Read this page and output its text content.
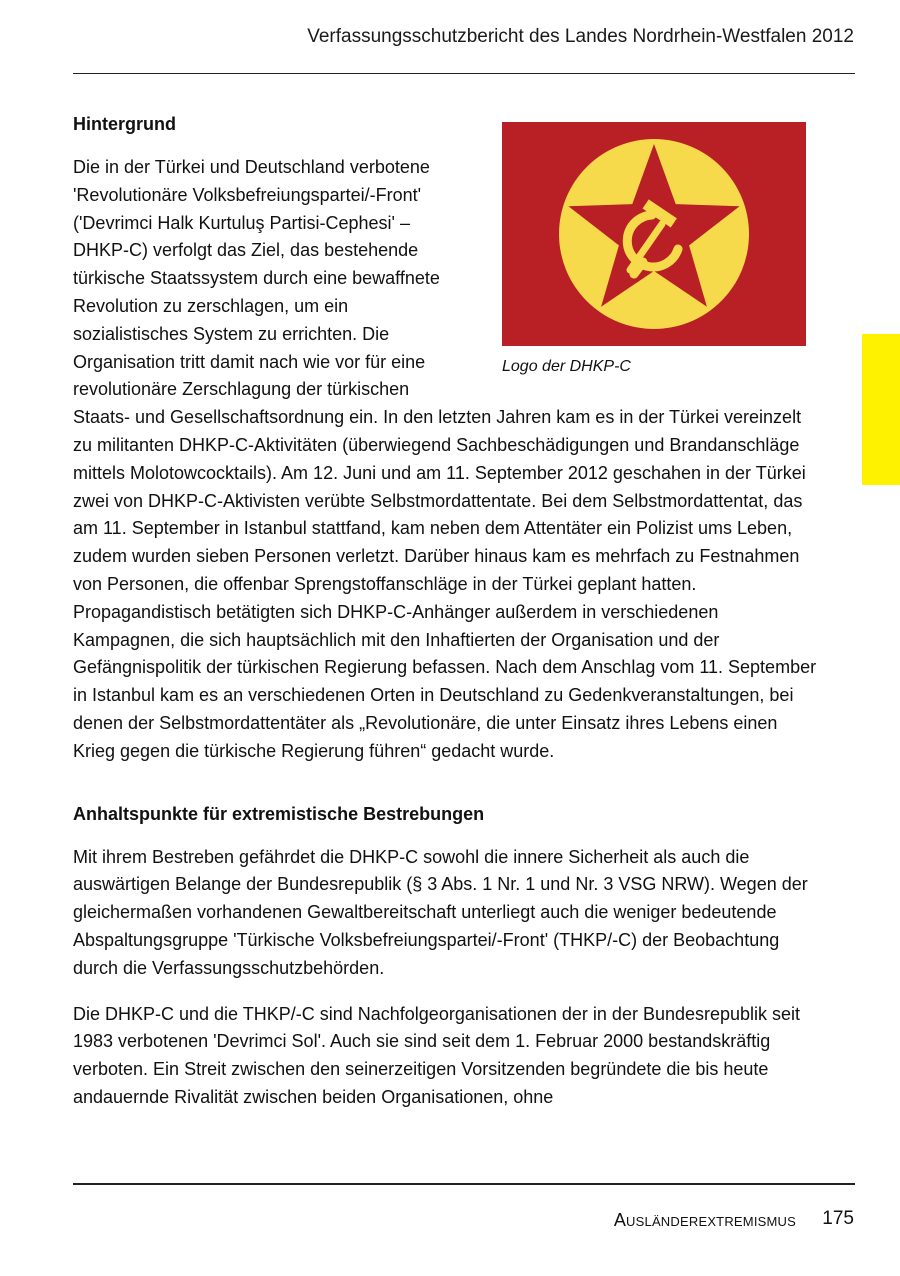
Verfassungsschutzbericht des Landes Nordrhein-Westfalen 2012
Logo der DHKP-C
Hintergrund

Die in der Türkei und Deutschland verbotene 'Revolutionäre Volksbefreiungspartei/-Front' ('Devrimci Halk Kurtuluş Partisi-Cephesi' – DHKP-C) verfolgt das Ziel, das bestehende türkische Staatssystem durch eine bewaffnete Revolution zu zerschlagen, um ein sozialistisches System zu errichten. Die Organisation tritt damit nach wie vor für eine revolutionäre Zerschlagung der türkischen Staats- und Gesellschaftsordnung ein. In den letzten Jahren kam es in der Türkei vereinzelt zu militanten DHKP-C-Aktivitäten (überwiegend Sachbeschädigungen und Brandanschläge mittels Molotowcocktails). Am 12. Juni und am 11. September 2012 geschahen in der Türkei zwei von DHKP-C-Aktivisten verübte Selbstmordattentate. Bei dem Selbstmordattentat, das am 11. September in Istanbul stattfand, kam neben dem Attentäter ein Polizist ums Leben, zudem wurden sieben Personen verletzt. Darüber hinaus kam es mehrfach zu Festnahmen von Personen, die offenbar Sprengstoffanschläge in der Türkei geplant hatten. Propagandistisch betätigten sich DHKP-C-Anhänger außerdem in verschiedenen Kampagnen, die sich hauptsächlich mit den Inhaftierten der Organisation und der Gefängnispolitik der türkischen Regierung befassen. Nach dem Anschlag vom 11. September in Istanbul kam es an verschiedenen Orten in Deutschland zu Gedenkveranstaltungen, bei denen der Selbstmordattentäter als „Revolutionäre, die unter Einsatz ihres Lebens einen Krieg gegen die türkische Regierung führen“ gedacht wurde.

Anhaltspunkte für extremistische Bestrebungen

Mit ihrem Bestreben gefährdet die DHKP-C sowohl die innere Sicherheit als auch die auswärtigen Belange der Bundesrepublik (§ 3 Abs. 1 Nr. 1 und Nr. 3 VSG NRW). Wegen der gleichermaßen vorhandenen Gewaltbereitschaft unterliegt auch die weniger bedeutende Abspaltungsgruppe 'Türkische Volksbefreiungspartei/-Front' (THKP/-C) der Beobachtung durch die Verfassungsschutzbehörden.

Die DHKP-C und die THKP/-C sind Nachfolgeorganisationen der in der Bundesrepublik seit 1983 verbotenen 'Devrimci Sol'. Auch sie sind seit dem 1. Februar 2000 bestandskräftig verboten. Ein Streit zwischen den seinerzeitigen Vorsitzenden begründete die bis heute andauernde Rivalität zwischen beiden Organisationen, ohne

Ausländerextremismus 175
